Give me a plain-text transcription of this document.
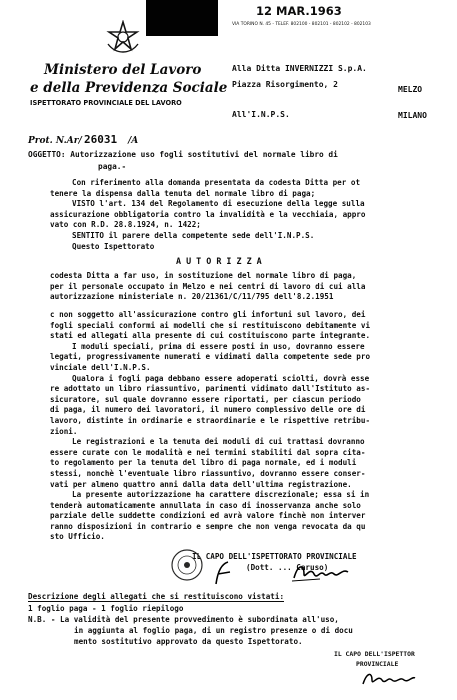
Ministero del Lavoro
e della Previdenza Sociale
ISPETTORATO PROVINCIALE DEL LAVORO
12 MAR.1963
VIA TORINO N. 45 - TELEF. 802100 - 802101 - 802102 - 802103
Alla Ditta INVERNIZZI S.p.A.
Piazza Risorgimento, 2
MELZO
All'I.N.P.S.	MILANO
Prot. N.Ar/ 26031 /A
OGGETTO: Autorizzazione uso fogli sostitutivi del normale libro di
paga.-

Con riferimento alla domanda presentata da codesta Ditta per ot

tenere la dispensa dalla tenuta del normale libro di paga;

VISTO l'art. 134 del Regolamento di esecuzione della legge sulla

assicurazione obbligatoria contro la invalidità e la vecchiaia, appro

vato con R.D. 28.8.1924, n. 1422;

SENTITO il parere della competente sede dell'I.N.P.S.

Questo Ispettorato

A U T O R I Z Z A

codesta Ditta a far uso, in sostituzione del normale libro di paga,

per il personale occupato in Melzo e nei centri di lavoro di cui alla

autorizzazione ministeriale n. 20/21361/C/11/795 dell'8.2.1951

c non soggetto all'assicurazione contro gli infortuni sul lavoro, dei

fogli speciali conformi ai modelli che si restituiscono debitamente vi

stati ed allegati alla presente di cui costituiscono parte integrante.

I moduli speciali, prima di essere posti in uso, dovranno essere

legati, progressivamente numerati e vidimati dalla competente sede pro

vinciale dell'I.N.P.S.

Qualora i fogli paga debbano essere adoperati sciolti, dovrà esse

re adottato un libro riassuntivo, parimenti vidimato dall'Istituto as-

sicuratore, sul quale dovranno essere riportati, per ciascun periodo

di paga, il numero dei lavoratori, il numero complessivo delle ore di

lavoro, distinte in ordinarie e straordinarie e le rispettive retribu-

zioni.

Le registrazioni e la tenuta dei moduli di cui trattasi dovranno

essere curate con le modalità e nei termini stabiliti dal sopra cita-

to regolamento per la tenuta del libro di paga normale, ed i moduli

stessi, nonchè l'eventuale libro riassuntivo, dovranno essere conser-

vati per almeno quattro anni dalla data dell'ultima registrazione.

La presente autorizzazione ha carattere discrezionale; essa si in

tenderà automaticamente annullata in caso di inosservanza anche solo

parziale delle suddette condizioni ed avrà valore finchè non interver

ranno disposizioni in contrario e sempre che non venga revocata da qu

sto Ufficio.

IL CAPO DELL'ISPETTORATO PROVINCIALE
(Dott. ... Caruso)
Descrizione degli allegati che si restituiscono vistati:
1 foglio paga - 1 foglio riepilogo
N.B. - La validità del presente provvedimento è subordinata all'uso,
in aggiunta al foglio paga, di un registro presenze o di docu
mento sostitutivo approvato da questo Ispettorato.
IL CAPO DELL'ISPETTOR
PROVINCIALE
